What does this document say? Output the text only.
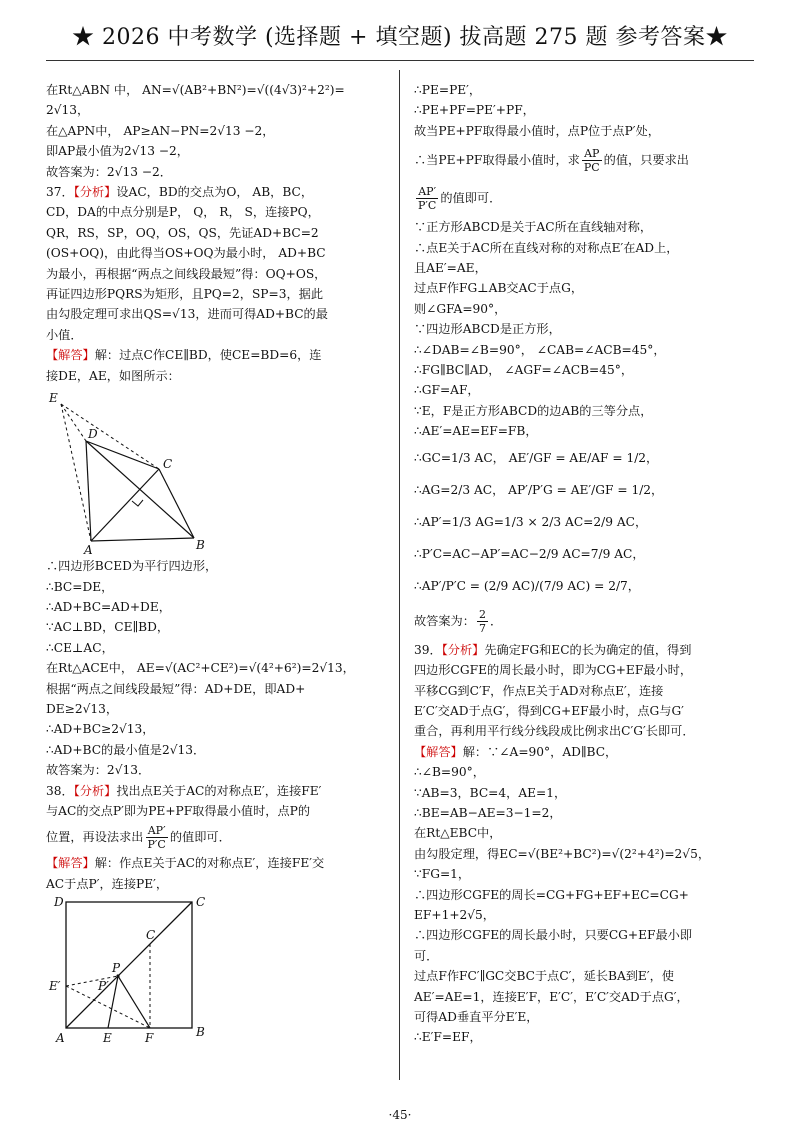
★ 2026 中考数学 (选择题 + 填空题) 拔高题 275 题 参考答案★
在Rt△ABN 中， AN=√(AB²+BN²)=√((4√3)²+2²)=
2√13，
在△APN中， AP≥AN−PN=2√13 −2，
即AP最小值为2√13 −2，
故答案为：2√13 −2．
37．【分析】设AC，BD的交点为O， AB，BC，
CD，DA的中点分别是P， Q， R， S，连接PQ，
QR，RS，SP，OQ，OS，QS，先证AD+BC=2
(OS+OQ)，由此得当OS+OQ为最小时， AD+BC
为最小，再根据“两点之间线段最短”得：OQ+OS，
再证四边形PQRS为矩形，且PQ=2，SP=3，据此
由勾股定理可求出QS=√13，进而可得AD+BC的最
小值．
【解答】解：过点C作CE∥BD，使CE=BD=6，连
接DE，AE，如图所示：
E
D
C
A	B
∴四边形BCED为平行四边形，
∴BC=DE，
∴AD+BC=AD+DE，
∵AC⊥BD，CE∥BD，
∴CE⊥AC，
在Rt△ACE中， AE=√(AC²+CE²)=√(4²+6²)=2√13，
根据“两点之间线段最短”得：AD+DE，即AD+
DE≥2√13，
∴AD+BC≥2√13，
∴AD+BC的最小值是2√13．
故答案为：2√13．
38．【分析】找出点E关于AC的对称点E′，连接FE′
与AC的交点P′即为PE+PF取得最小值时，点P的
位置，再设法求出 $\frac{AP'}{P'C}$ 的值即可．
【解答】解：作点E关于AC的对称点E′，连接FE′交
AC于点P′，连接PE′，
D	C
C
P
P′
E′
A	E	F	B
∴PE=PE′，
∴PE+PF=PE′+PF，
故当PE+PF取得最小值时，点P位于点P′处，
∴当PE+PF取得最小值时，求 $\frac{AP}{PC}$ 的值，只要求出
$\frac{AP'}{P'C}$ 的值即可．
∵正方形ABCD是关于AC所在直线轴对称，
∴点E关于AC所在直线对称的对称点E′在AD上，
且AE′=AE，
过点F作FG⊥AB交AC于点G，
则∠GFA=90°，
∵四边形ABCD是正方形，
∴∠DAB=∠B=90°， ∠CAB=∠ACB=45°，
∴FG∥BC∥AD， ∠AGF=∠ACB=45°，
∴GF=AF，
∵E，F是正方形ABCD的边AB的三等分点，
∴AE′=AE=EF=FB，
∴GC=1/3 AC， AE′/GF = AE/AF = 1/2，
∴AG=2/3 AC， AP′/P′G = AE′/GF = 1/2，
∴AP′=1/3 AG=1/3 × 2/3 AC=2/9 AC，
∴P′C=AC−AP′=AC−2/9 AC=7/9 AC，
∴AP′/P′C = (2/9 AC)/(7/9 AC) = 2/7，
故答案为： $\frac{2}{7}$ ．
39．【分析】先确定FG和EC的长为确定的值，得到
四边形CGFE的周长最小时，即为CG+EF最小时，
平移CG到C′F，作点E关于AD对称点E′，连接
E′C′交AD于点G′，得到CG+EF最小时，点G与G′
重合，再利用平行线分线段成比例求出C′G′长即可．
【解答】解：∵∠A=90°，AD∥BC，
∴∠B=90°，
∵AB=3，BC=4，AE=1，
∴BE=AB−AE=3−1=2，
在Rt△EBC中，
由勾股定理，得EC=√(BE²+BC²)=√(2²+4²)=2√5，
∵FG=1，
∴四边形CGFE的周长=CG+FG+EF+EC=CG+
EF+1+2√5，
∴四边形CGFE的周长最小时，只要CG+EF最小即
可．
过点F作FC′∥GC交BC于点C′，延长BA到E′，使
AE′=AE=1，连接E′F，E′C′，E′C′交AD于点G′，
可得AD垂直平分E′E，
∴E′F=EF，
·45·
